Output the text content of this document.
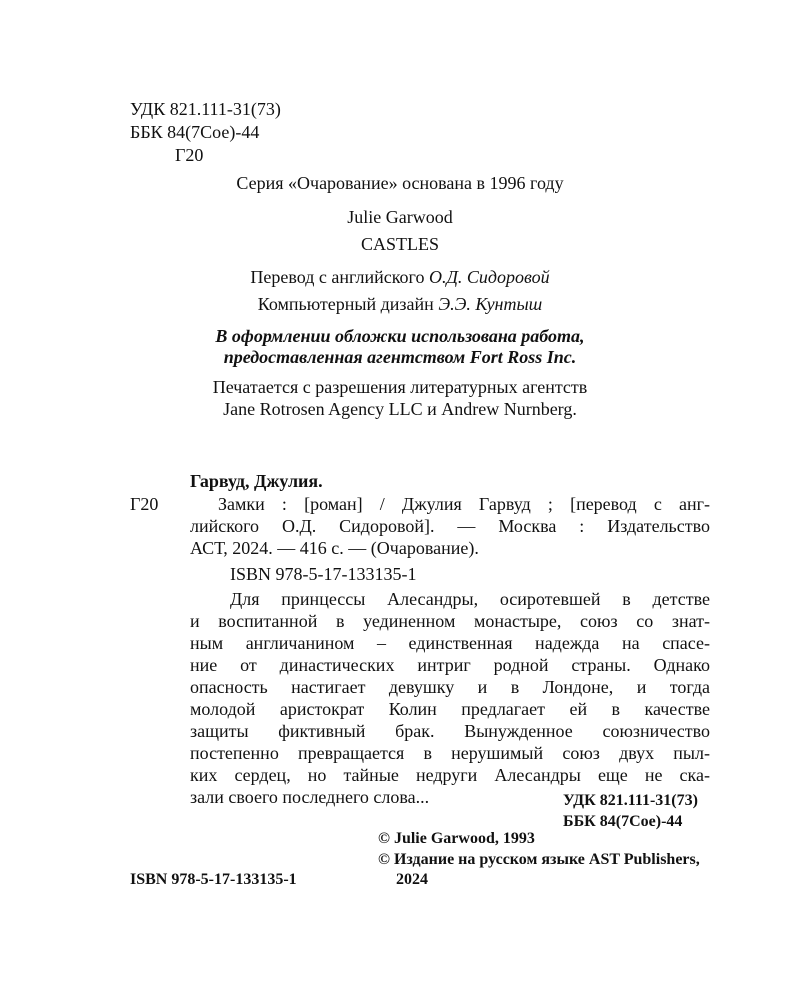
УДК 821.111-31(73)
ББК 84(7Сое)-44
Г20
Серия «Очарование» основана в 1996 году
Julie Garwood
CASTLES
Перевод с английского О.Д. Сидоровой
Компьютерный дизайн Э.Э. Кунтыш
В оформлении обложки использована работа,
предоставленная агентством Fort Ross Inc.
Печатается с разрешения литературных агентств
Jane Rotrosen Agency LLC и Andrew Nurnberg.
Гарвуд, Джулия.
Г20	Замки : [роман] / Джулия Гарвуд ; [перевод с анг-
лийского О.Д. Сидоровой]. — Москва : Издательство
АСТ, 2024. — 416 с. — (Очарование).
ISBN 978-5-17-133135-1
Для принцессы Алесандры, осиротевшей в детстве
и воспитанной в уединенном монастыре, союз со знат-
ным англичанином – единственная надежда на спасе-
ние от династических интриг родной страны. Однако
опасность настигает девушку и в Лондоне, и тогда
молодой аристократ Колин предлагает ей в качестве
защиты фиктивный брак. Вынужденное союзничество
постепенно превращается в нерушимый союз двух пыл-
ких сердец, но тайные недруги Алесандры еще не ска-
зали своего последнего слова...	УДК 821.111-31(73)
ББК 84(7Сое)-44
© Julie Garwood, 1993
© Издание на русском языке AST Publishers,
ISBN 978-5-17-133135-1	2024
